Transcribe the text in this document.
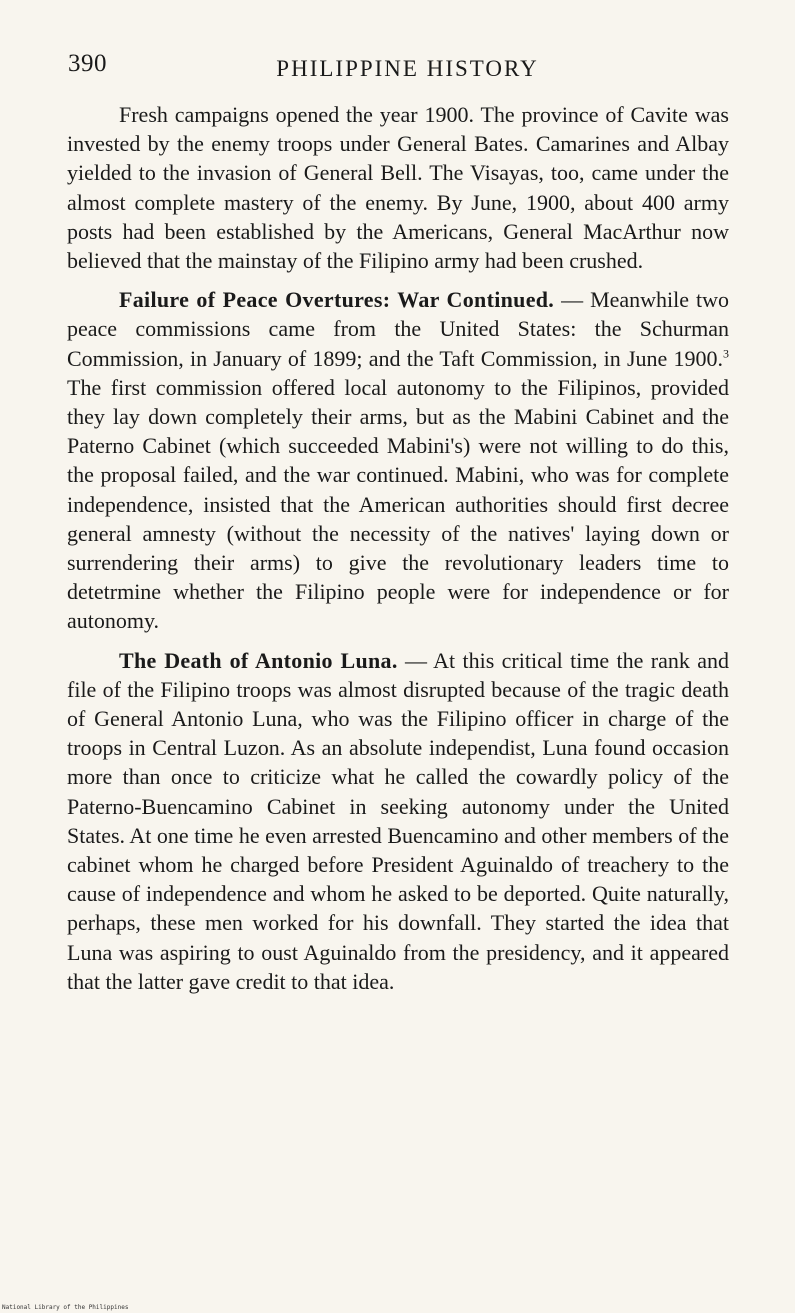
390	PHILIPPINE HISTORY

Fresh campaigns opened the year 1900. The province of Cavite was invested by the enemy troops under General Bates. Camarines and Albay yielded to the invasion of General Bell. The Visayas, too, came under the almost complete mastery of the enemy. By June, 1900, about 400 army posts had been established by the Americans, General MacArthur now believed that the mainstay of the Filipino army had been crushed.

Failure of Peace Overtures: War Continued. — Meanwhile two peace commissions came from the United States: the Schurman Commission, in January of 1899; and the Taft Commission, in June 1900.$^3$ The first commission offered local autonomy to the Filipinos, provided they lay down completely their arms, but as the Mabini Cabinet and the Paterno Cabinet (which succeeded Mabini's) were not willing to do this, the proposal failed, and the war continued. Mabini, who was for complete independence, insisted that the American authorities should first decree general amnesty (without the necessity of the natives' laying down or surrendering their arms) to give the revolutionary leaders time to detetrmine whether the Filipino people were for independence or for autonomy.

The Death of Antonio Luna. — At this critical time the rank and file of the Filipino troops was almost disrupted because of the tragic death of General Antonio Luna, who was the Filipino officer in charge of the troops in Central Luzon. As an absolute independist, Luna found occasion more than once to criticize what he called the cowardly policy of the Paterno-Buencamino Cabinet in seeking autonomy under the United States. At one time he even arrested Buencamino and other members of the cabinet whom he charged before President Aguinaldo of treachery to the cause of independence and whom he asked to be deported. Quite naturally, perhaps, these men worked for his downfall. They started the idea that Luna was aspiring to oust Aguinaldo from the presidency, and it appeared that the latter gave credit to that idea.

National Library of the Philippines
